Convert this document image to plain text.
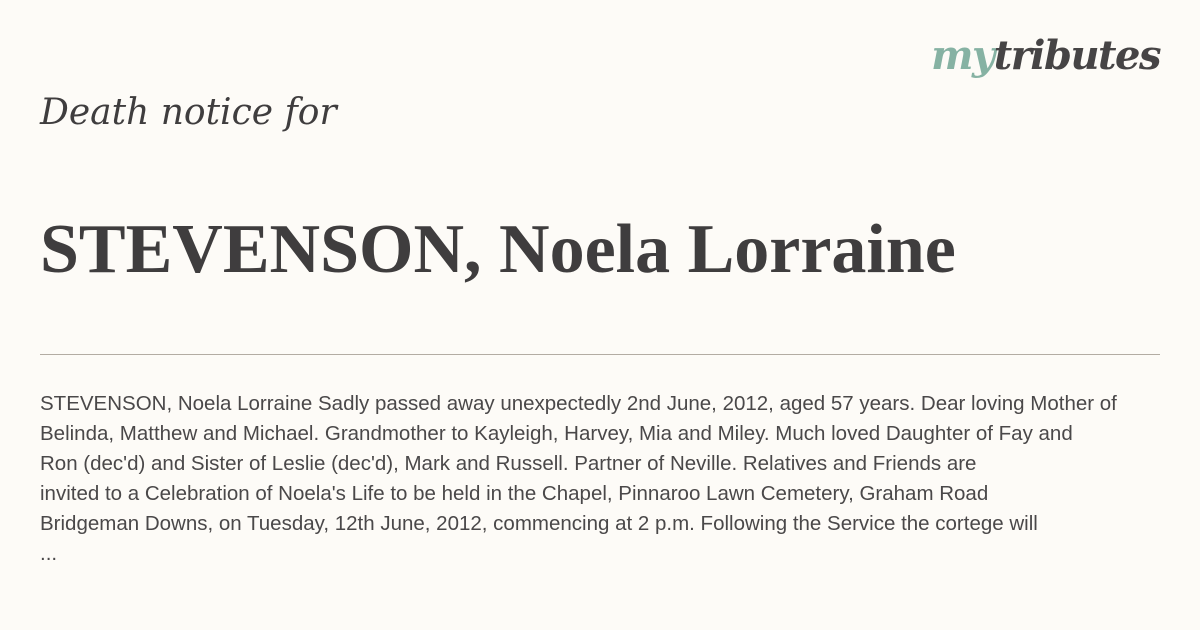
mytributes
Death notice for
STEVENSON, Noela Lorraine

STEVENSON, Noela Lorraine Sadly passed away unexpectedly 2nd June, 2012, aged 57 years. Dear loving Mother of
Belinda, Matthew and Michael. Grandmother to Kayleigh, Harvey, Mia and Miley. Much loved Daughter of Fay and
Ron (dec'd) and Sister of Leslie (dec'd), Mark and Russell. Partner of Neville. Relatives and Friends are
invited to a Celebration of Noela's Life to be held in the Chapel, Pinnaroo Lawn Cemetery, Graham Road
Bridgeman Downs, on Tuesday, 12th June, 2012, commencing at 2 p.m. Following the Service the cortege will
...
